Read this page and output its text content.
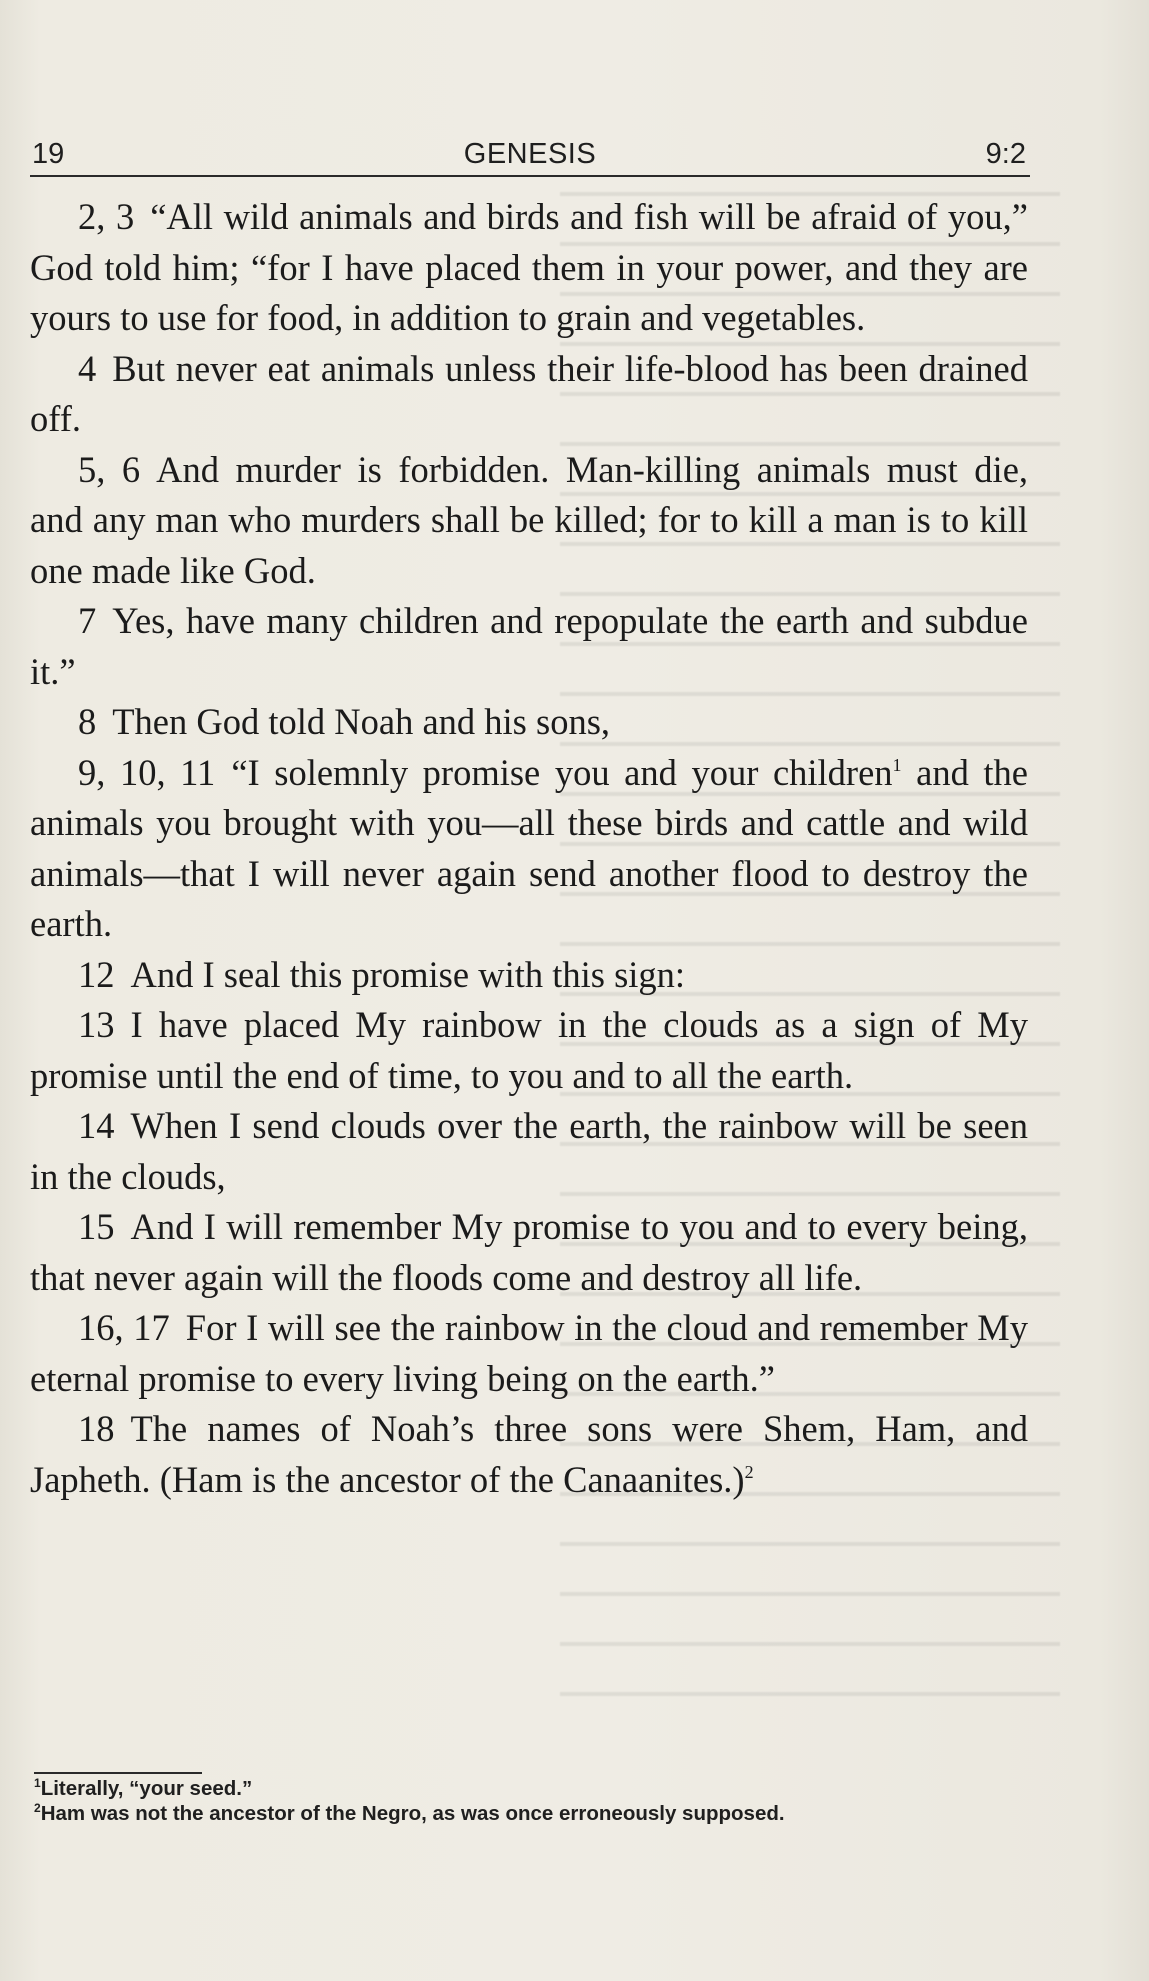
19	GENESIS	9:2

2, 3 “All wild animals and birds and fish will be afraid of you,” God told him; “for I have placed them in your power, and they are yours to use for food, in addition to grain and vegetables.

4 But never eat animals unless their life-blood has been drained off.

5, 6 And murder is forbidden. Man-killing animals must die, and any man who murders shall be killed; for to kill a man is to kill one made like God.

7 Yes, have many children and repopulate the earth and subdue it.”

8 Then God told Noah and his sons,

9, 10, 11 “I solemnly promise you and your children$^1$ and the animals you brought with you—all these birds and cattle and wild animals—that I will never again send another flood to destroy the earth.

12 And I seal this promise with this sign:

13 I have placed My rainbow in the clouds as a sign of My promise until the end of time, to you and to all the earth.

14 When I send clouds over the earth, the rainbow will be seen in the clouds,

15 And I will remember My promise to you and to every being, that never again will the floods come and destroy all life.

16, 17 For I will see the rainbow in the cloud and remember My eternal promise to every living being on the earth.”

18 The names of Noah’s three sons were Shem, Ham, and Japheth. (Ham is the ancestor of the Canaanites.)$^2$

$^1$Literally, “your seed.”

$^2$Ham was not the ancestor of the Negro, as was once erroneously supposed.
